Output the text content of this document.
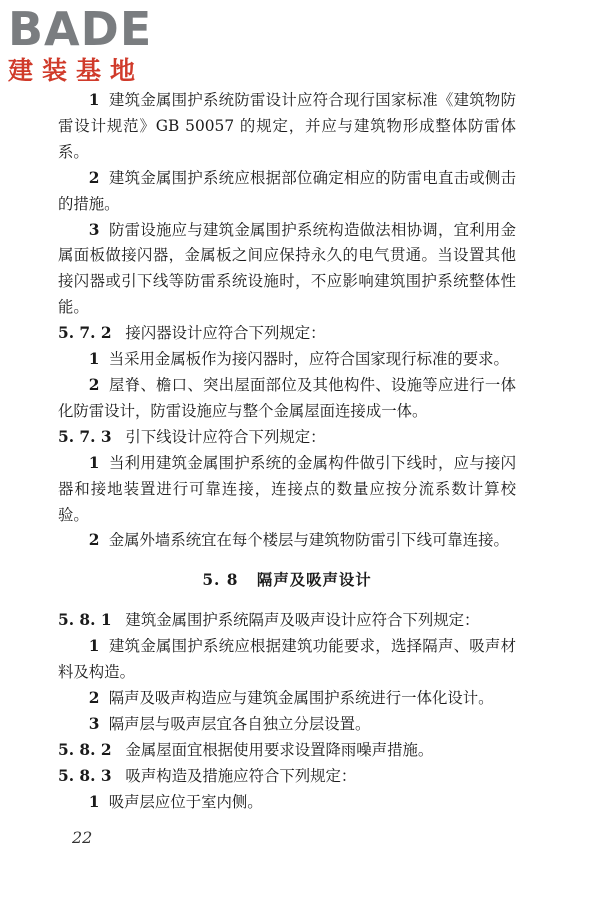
BADE
建装基地

1 建筑金属围护系统防雷设计应符合现行国家标准《建筑物防雷设计规范》GB 50057 的规定，并应与建筑物形成整体防雷体系。

2 建筑金属围护系统应根据部位确定相应的防雷电直击或侧击的措施。

3 防雷设施应与建筑金属围护系统构造做法相协调，宜利用金属面板做接闪器，金属板之间应保持永久的电气贯通。当设置其他接闪器或引下线等防雷系统设施时，不应影响建筑围护系统整体性能。

5. 7. 2 接闪器设计应符合下列规定：

1 当采用金属板作为接闪器时，应符合国家现行标准的要求。

2 屋脊、檐口、突出屋面部位及其他构件、设施等应进行一体化防雷设计，防雷设施应与整个金属屋面连接成一体。

5. 7. 3 引下线设计应符合下列规定：

1 当利用建筑金属围护系统的金属构件做引下线时，应与接闪器和接地装置进行可靠连接，连接点的数量应按分流系数计算校验。

2 金属外墙系统宜在每个楼层与建筑物防雷引下线可靠连接。

5. 8 隔声及吸声设计

5. 8. 1 建筑金属围护系统隔声及吸声设计应符合下列规定：

1 建筑金属围护系统应根据建筑功能要求，选择隔声、吸声材料及构造。

2 隔声及吸声构造应与建筑金属围护系统进行一体化设计。

3 隔声层与吸声层宜各自独立分层设置。

5. 8. 2 金属屋面宜根据使用要求设置降雨噪声措施。

5. 8. 3 吸声构造及措施应符合下列规定：

1 吸声层应位于室内侧。

22
